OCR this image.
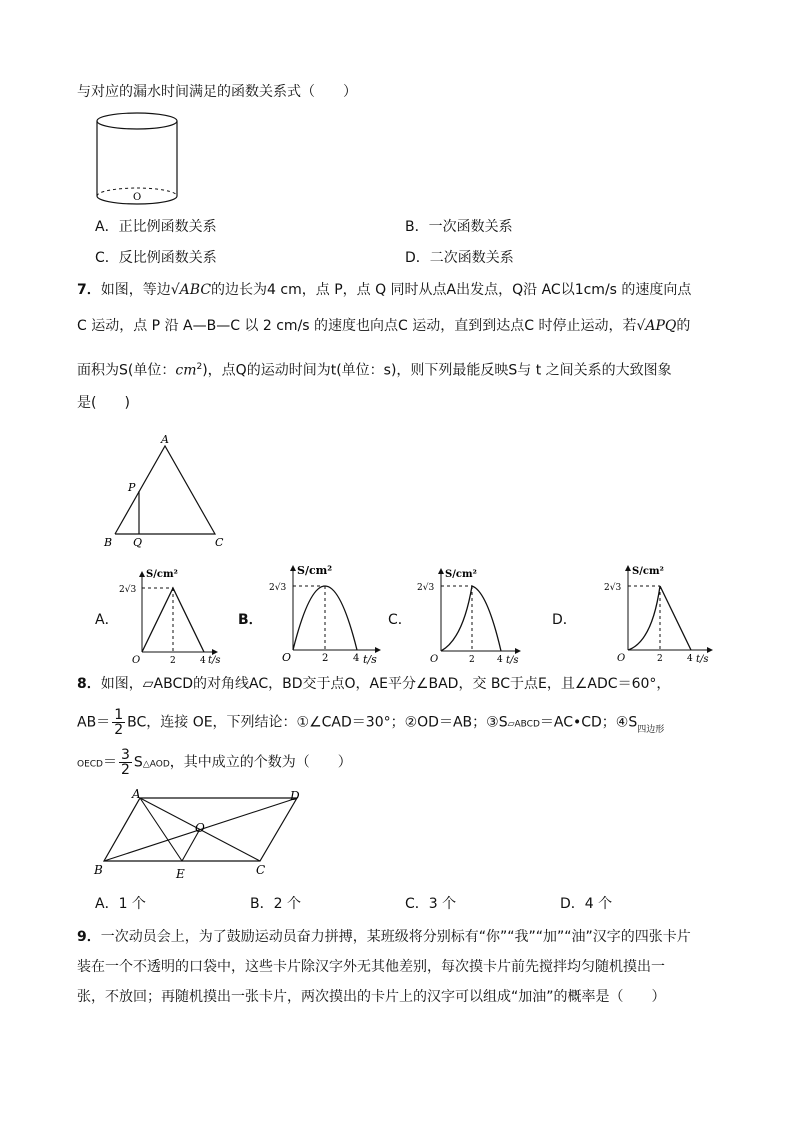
与对应的漏水时间满足的函数关系式（　　）
O
A．正比例函数关系	B．一次函数关系
C．反比例函数关系	D．二次函数关系
7．如图，等边√ABC的边长为4 cm，点 P，点 Q 同时从点A出发点，Q沿 AC以1cm/s 的速度向点
C 运动，点 P 沿 A—B—C 以 2 cm/s 的速度也向点C 运动，直到到达点C 时停止运动，若√APQ的
面积为S(单位：$cm^2$)，点Q的运动时间为t(单位：s)，则下列最能反映S与 t 之间关系的大致图象
是(　　)
A
P
B Q	C
A．
S/cm²
2√3
O	2	4 t/s
B．
S/cm²
2√3
O	2 4 t/s
C．
S/cm²
2√3
O	2 4 t/s
D．
S/cm²
2√3
O	2	4 t/s
8．如图，▱ABCD的对角线AC，BD交于点O，AE平分∠BAD，交 BC于点E，且∠ADC＝60°，
$AB= \frac{1}{2}$ BC，连接 OE，下列结论：①∠CAD＝30°；②OD＝AB；③S▱ABCD＝AC•CD；$④S_{四边形}$
OECD＝ $\frac{3}{2}$ S△AOD，其中成立的个数为（　　）
A	D
O
B	E	C
A．1 个	B．2 个	C．3 个	D．4 个
9．一次动员会上，为了鼓励运动员奋力拼搏，某班级将分别标有“你”“我”“加”“油”汉字的四张卡片
装在一个不透明的口袋中，这些卡片除汉字外无其他差别，每次摸卡片前先搅拌均匀随机摸出一
张，不放回；再随机摸出一张卡片，两次摸出的卡片上的汉字可以组成“加油”的概率是（　　）
